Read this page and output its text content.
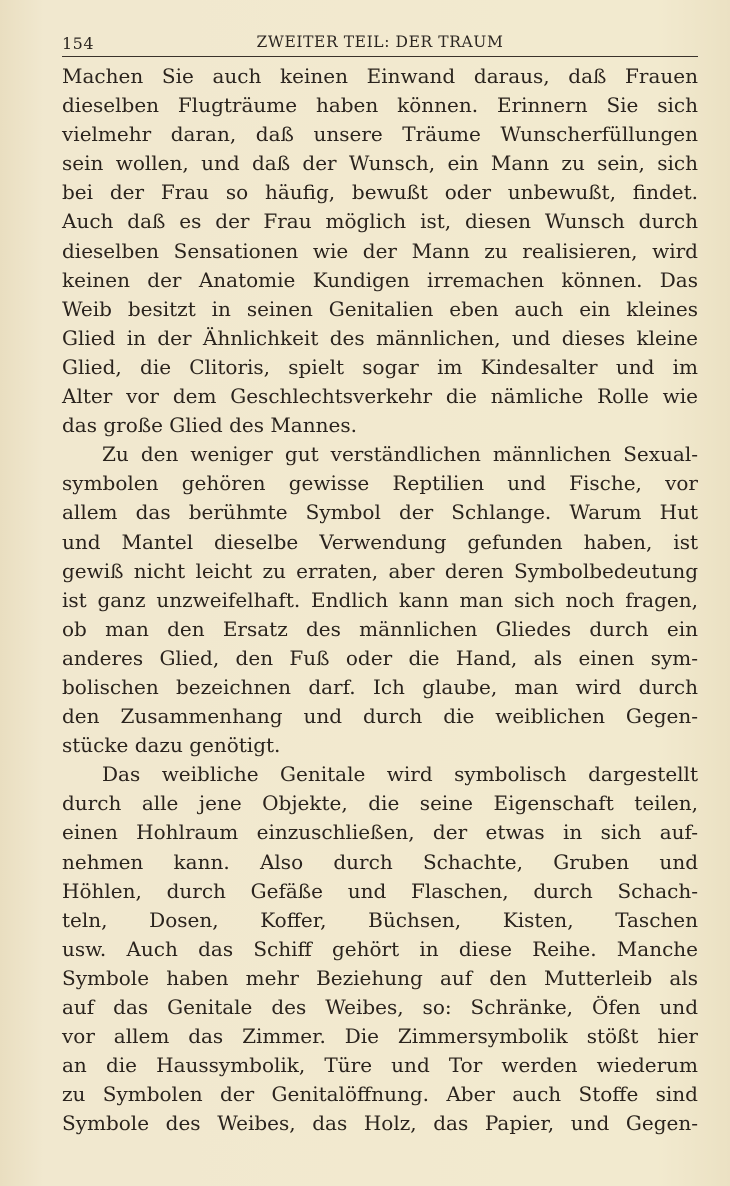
154	ZWEITER TEIL: DER TRAUM
Machen Sie auch keinen Einwand daraus, daß Frauen
dieselben Flugträume haben können. Erinnern Sie sich
vielmehr daran, daß unsere Träume Wunscherfüllungen
sein wollen, und daß der Wunsch, ein Mann zu sein, sich
bei der Frau so häufig, bewußt oder unbewußt, findet.
Auch daß es der Frau möglich ist, diesen Wunsch durch
dieselben Sensationen wie der Mann zu realisieren, wird
keinen der Anatomie Kundigen irremachen können. Das
Weib besitzt in seinen Genitalien eben auch ein kleines
Glied in der Ähnlichkeit des männlichen, und dieses kleine
Glied, die Clitoris, spielt sogar im Kindesalter und im
Alter vor dem Geschlechtsverkehr die nämliche Rolle wie
das große Glied des Mannes.
Zu den weniger gut verständlichen männlichen Sexual-
symbolen gehören gewisse Reptilien und Fische, vor
allem das berühmte Symbol der Schlange. Warum Hut
und Mantel dieselbe Verwendung gefunden haben, ist
gewiß nicht leicht zu erraten, aber deren Symbolbedeutung
ist ganz unzweifelhaft. Endlich kann man sich noch fragen,
ob man den Ersatz des männlichen Gliedes durch ein
anderes Glied, den Fuß oder die Hand, als einen sym-
bolischen bezeichnen darf. Ich glaube, man wird durch
den Zusammenhang und durch die weiblichen Gegen-
stücke dazu genötigt.
Das weibliche Genitale wird symbolisch dargestellt
durch alle jene Objekte, die seine Eigenschaft teilen,
einen Hohlraum einzuschließen, der etwas in sich auf-
nehmen kann. Also durch Schachte, Gruben und
Höhlen, durch Gefäße und Flaschen, durch Schach-
teln, Dosen, Koffer, Büchsen, Kisten, Taschen
usw. Auch das Schiff gehört in diese Reihe. Manche
Symbole haben mehr Beziehung auf den Mutterleib als
auf das Genitale des Weibes, so: Schränke, Öfen und
vor allem das Zimmer. Die Zimmersymbolik stößt hier
an die Haussymbolik, Türe und Tor werden wiederum
zu Symbolen der Genitalöffnung. Aber auch Stoffe sind
Symbole des Weibes, das Holz, das Papier, und Gegen-
